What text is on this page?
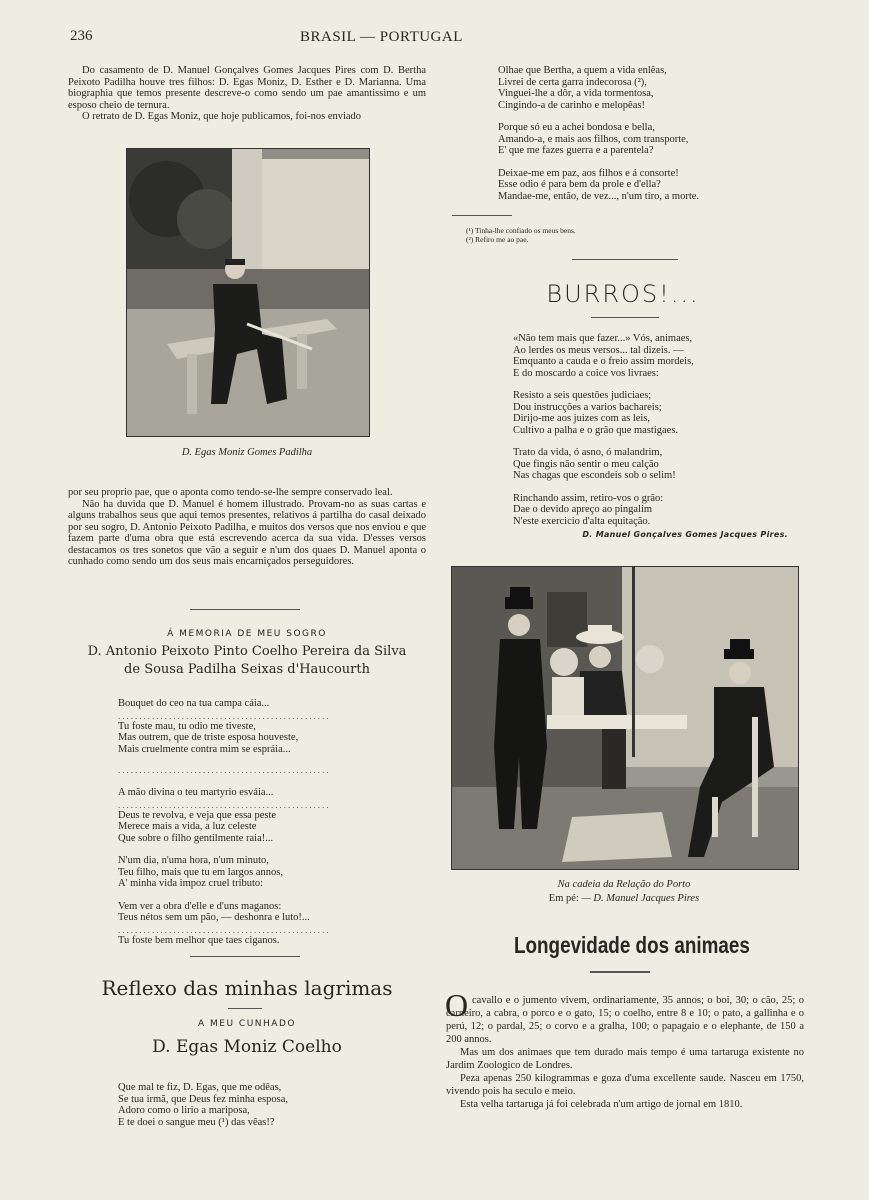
236	BRASIL — PORTUGAL

Do casamento de D. Manuel Gonçalves Gomes Jacques Pires com D. Bertha Peixoto Padilha houve tres filhos: D. Egas Moniz, D. Esther e D. Marianna. Uma biographia que temos presente descreve-o como sendo um pae amantissimo e um esposo cheio de ternura.

O retrato de D. Egas Moniz, que hoje publicamos, foi-nos enviado

D. Egas Moniz Gomes Padilha

por seu proprio pae, que o aponta como tendo-se-lhe sempre conservado leal.

Não ha duvida que D. Manuel é homem illustrado. Provam-no as suas cartas e alguns trabalhos seus que aqui temos presentes, relativos á partilha do casal deixado por seu sogro, D. Antonio Peixoto Padilha, e muitos dos versos que nos enviou e que fazem parte d'uma obra que está escrevendo acerca da sua vida. D'esses versos destacamos os tres sonetos que vão a seguir e n'um dos quaes D. Manuel aponta o cunhado como sendo um dos seus mais encarniçados perseguidores.

Á MEMORIA DE MEU SOGRO
D. Antonio Peixoto Pinto Coelho Pereira da Silva
de Sousa Padilha Seixas d'Haucourth
Bouquet do ceo na tua campa cáia...
..................................................
Tu foste mau, tu odio me tiveste,
Mas outrem, que de triste esposa houveste,
Mais cruelmente contra mim se espráia...
..................................................
A mão divina o teu martyrio esváia...
..................................................
Deus te revolva, e veja que essa peste
Merece mais a vida, a luz celeste
Que sobre o filho gentilmente raia!...
N'um dia, n'uma hora, n'um minuto,
Teu filho, mais que tu em largos annos,
A' minha vida impoz cruel tributo:
Vem ver a obra d'elle e d'uns maganos:
Teus nétos sem um pão, — deshonra e luto!...
..................................................
Tu foste bem melhor que taes ciganos.
Reflexo das minhas lagrimas
A MEU CUNHADO
D. Egas Moniz Coelho
Que mal te fiz, D. Egas, que me odêas,
Se tua irmã, que Deus fez minha esposa,
Adoro como o lirio a mariposa,
E te doei o sangue meu (¹) das vêas!?
Olhae que Bertha, a quem a vida enlêas,
Livrei de certa garra indecorosa (²),
Vinguei-lhe a dôr, a vida tormentosa,
Cingindo-a de carinho e melopêas!
Porque só eu a achei bondosa e bella,
Amando-a, e mais aos filhos, com transporte,
E' que me fazes guerra e a parentela?
Deixae-me em paz, aos filhos e á consorte!
Esse odio é para bem da prole e d'ella?
Mandae-me, então, de vez..., n'um tiro, a morte.
(¹) Tinha-lhe confiado os meus bens.
(²) Refiro me ao pae.
BURROS!...
«Não tem mais que fazer...» Vós, animaes,
Ao lerdes os meus versos... tal dizeis. —
Emquanto a cauda e o freio assim mordeis,
E do moscardo a coice vos livraes:
Resisto a seis questões judiciaes;
Dou instrucções a varios bachareis;
Dirijo-me aos juizes com as leis,
Cultivo a palha e o grão que mastigaes.
Trato da vida, ó asno, ó malandrim,
Que fingis não sentir o meu calção
Nas chagas que escondeis sob o selim!
Rinchando assim, retiro-vos o grão:
Dae o devido apreço ao pingalim
N'este exercicio d'alta equitação.
D. Manuel Gonçalves Gomes Jacques Pires.
Na cadeia da Relação do Porto
Em pé: — D. Manuel Jacques Pires
Longevidade dos animaes
O cavallo e o jumento vivem, ordinariamente, 35 annos; o boi, 30; o cão, 25; o carneiro, a cabra, o porco e o gato, 15; o coelho, entre 8 e 10; o pato, a gallinha e o perú, 12; o pardal, 25; o corvo e a gralha, 100; o papagaio e o elephante, de 150 a 200 annos.

Mas um dos animaes que tem durado mais tempo é uma tartaruga existente no Jardim Zoologico de Londres.

Peza apenas 250 kilogrammas e goza d'uma excellente saude. Nasceu em 1750, vivendo pois ha seculo e meio.

Esta velha tartaruga já foi celebrada n'um artigo de jornal em 1810.
